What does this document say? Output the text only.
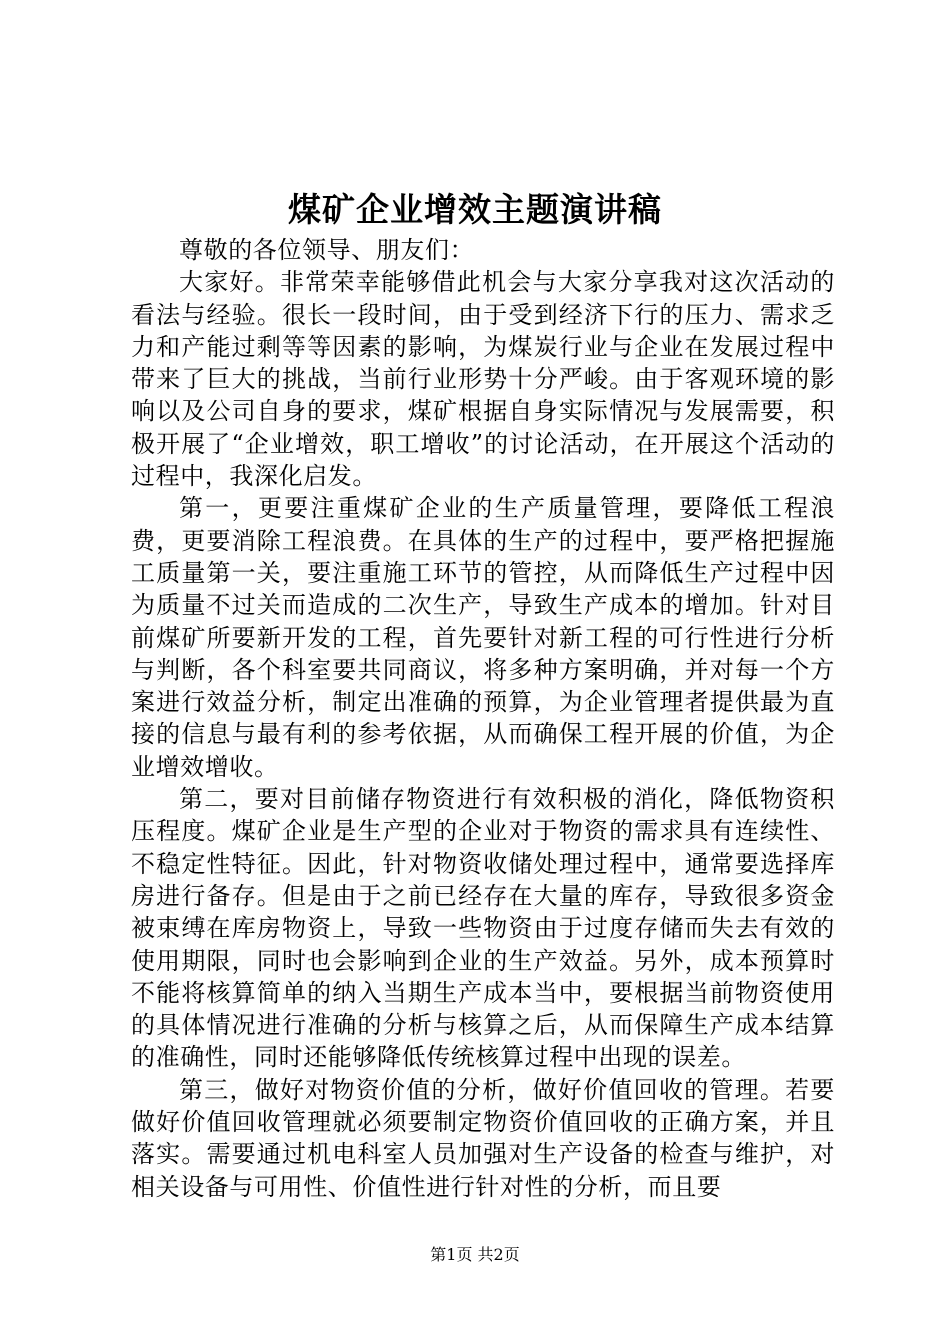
煤矿企业增效主题演讲稿

尊敬的各位领导、朋友们：

大家好。非常荣幸能够借此机会与大家分享我对这次活动的看法与经验。很长一段时间，由于受到经济下行的压力、需求乏力和产能过剩等等因素的影响，为煤炭行业与企业在发展过程中带来了巨大的挑战，当前行业形势十分严峻。由于客观环境的影响以及公司自身的要求，煤矿根据自身实际情况与发展需要，积极开展了“企业增效，职工增收”的讨论活动，在开展这个活动的过程中，我深化启发。

第一，更要注重煤矿企业的生产质量管理，要降低工程浪费，更要消除工程浪费。在具体的生产的过程中，要严格把握施工质量第一关，要注重施工环节的管控，从而降低生产过程中因为质量不过关而造成的二次生产，导致生产成本的增加。针对目前煤矿所要新开发的工程，首先要针对新工程的可行性进行分析与判断，各个科室要共同商议，将多种方案明确，并对每一个方案进行效益分析，制定出准确的预算，为企业管理者提供最为直接的信息与最有利的参考依据，从而确保工程开展的价值，为企业增效增收。

第二，要对目前储存物资进行有效积极的消化，降低物资积压程度。煤矿企业是生产型的企业对于物资的需求具有连续性、不稳定性特征。因此，针对物资收储处理过程中，通常要选择库房进行备存。但是由于之前已经存在大量的库存，导致很多资金被束缚在库房物资上，导致一些物资由于过度存储而失去有效的使用期限，同时也会影响到企业的生产效益。另外，成本预算时不能将核算简单的纳入当期生产成本当中，要根据当前物资使用的具体情况进行准确的分析与核算之后，从而保障生产成本结算的准确性，同时还能够降低传统核算过程中出现的误差。

第三，做好对物资价值的分析，做好价值回收的管理。若要做好价值回收管理就必须要制定物资价值回收的正确方案，并且落实。需要通过机电科室人员加强对生产设备的检查与维护，对相关设备与可用性、价值性进行针对性的分析，而且要

第1页 共2页
